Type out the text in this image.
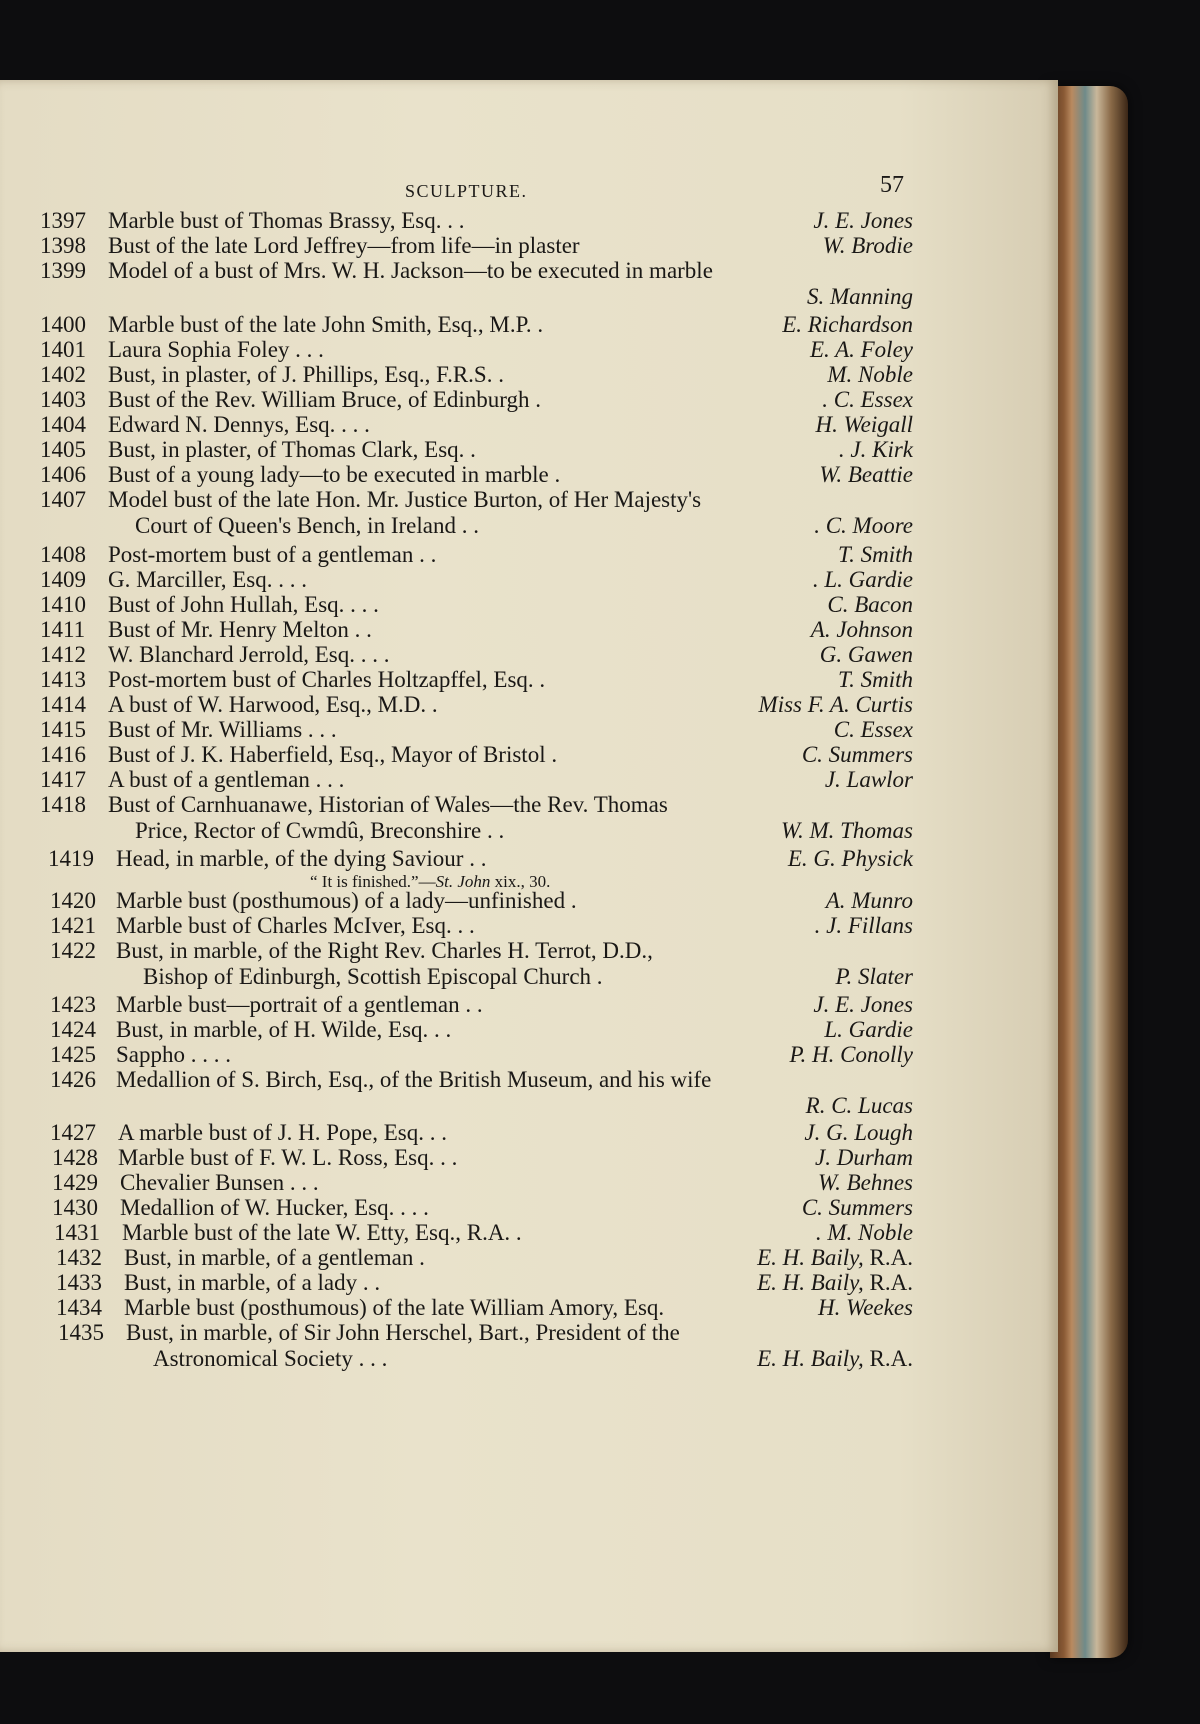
SCULPTURE.	57
1397 Marble bust of Thomas Brassy, Esq. . .	J. E. Jones
1398 Bust of the late Lord Jeffrey—from life—in plaster	W. Brodie
1399 Model of a bust of Mrs. W. H. Jackson—to be executed in marble
S. Manning
1400 Marble bust of the late John Smith, Esq., M.P. .	E. Richardson
1401 Laura Sophia Foley . . .	E. A. Foley
1402 Bust, in plaster, of J. Phillips, Esq., F.R.S. .	M. Noble
1403 Bust of the Rev. William Bruce, of Edinburgh .	. C. Essex
1404 Edward N. Dennys, Esq. . . .	H. Weigall
1405 Bust, in plaster, of Thomas Clark, Esq. .	. J. Kirk
1406 Bust of a young lady—to be executed in marble .	W. Beattie
1407 Model bust of the late Hon. Mr. Justice Burton, of Her Majesty's
Court of Queen's Bench, in Ireland . .	. C. Moore
1408 Post-mortem bust of a gentleman . .	T. Smith
1409 G. Marciller, Esq. . . .	. L. Gardie
1410 Bust of John Hullah, Esq. . . .	C. Bacon
1411 Bust of Mr. Henry Melton . .	A. Johnson
1412 W. Blanchard Jerrold, Esq. . . .	G. Gawen
1413 Post-mortem bust of Charles Holtzapffel, Esq. .	T. Smith
1414 A bust of W. Harwood, Esq., M.D. .	Miss F. A. Curtis
1415 Bust of Mr. Williams . . .	C. Essex
1416 Bust of J. K. Haberfield, Esq., Mayor of Bristol .	C. Summers
1417 A bust of a gentleman . . .	J. Lawlor
1418 Bust of Carnhuanawe, Historian of Wales—the Rev. Thomas
Price, Rector of Cwmdû, Breconshire . .	W. M. Thomas
1419 Head, in marble, of the dying Saviour . .	E. G. Physick
“ It is finished.”—St. John xix., 30.
1420 Marble bust (posthumous) of a lady—unfinished .	A. Munro
1421 Marble bust of Charles McIver, Esq. . .	. J. Fillans
1422 Bust, in marble, of the Right Rev. Charles H. Terrot, D.D.,
Bishop of Edinburgh, Scottish Episcopal Church .	P. Slater
1423 Marble bust—portrait of a gentleman . .	J. E. Jones
1424 Bust, in marble, of H. Wilde, Esq. . .	L. Gardie
1425 Sappho . . . .	P. H. Conolly
1426 Medallion of S. Birch, Esq., of the British Museum, and his wife
R. C. Lucas
1427 A marble bust of J. H. Pope, Esq. . .	J. G. Lough
1428 Marble bust of F. W. L. Ross, Esq. . .	J. Durham
1429 Chevalier Bunsen . . .	W. Behnes
1430 Medallion of W. Hucker, Esq. . . .	C. Summers
1431 Marble bust of the late W. Etty, Esq., R.A. .	. M. Noble
1432 Bust, in marble, of a gentleman .	E. H. Baily, R.A.
1433 Bust, in marble, of a lady . .	E. H. Baily, R.A.
1434 Marble bust (posthumous) of the late William Amory, Esq.	H. Weekes
1435 Bust, in marble, of Sir John Herschel, Bart., President of the
Astronomical Society . . .	E. H. Baily, R.A.
